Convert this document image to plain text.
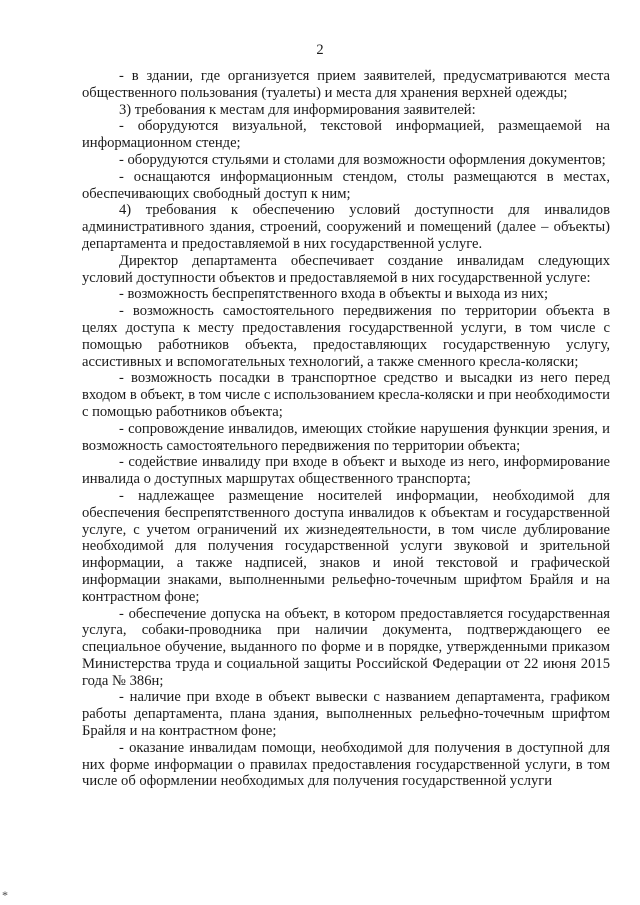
2

- в здании, где организуется прием заявителей, предусматриваются места общественного пользования (туалеты) и места для хранения верхней одежды;

3) требования к местам для информирования заявителей:

- оборудуются визуальной, текстовой информацией, размещаемой на информационном стенде;

- оборудуются стульями и столами для возможности оформления документов;

- оснащаются информационным стендом, столы размещаются в местах, обеспечивающих свободный доступ к ним;

4) требования к обеспечению условий доступности для инвалидов административного здания, строений, сооружений и помещений (далее – объекты) департамента и предоставляемой в них государственной услуге.

Директор департамента обеспечивает создание инвалидам следующих условий доступности объектов и предоставляемой в них государственной услуге:

- возможность беспрепятственного входа в объекты и выхода из них;

- возможность самостоятельного передвижения по территории объекта в целях доступа к месту предоставления государственной услуги, в том числе с помощью работников объекта, предоставляющих государственную услугу, ассистивных и вспомогательных технологий, а также сменного кресла-коляски;

- возможность посадки в транспортное средство и высадки из него перед входом в объект, в том числе с использованием кресла-коляски и при необходимости с помощью работников объекта;

- сопровождение инвалидов, имеющих стойкие нарушения функции зрения, и возможность самостоятельного передвижения по территории объекта;

- содействие инвалиду при входе в объект и выходе из него, информирование инвалида о доступных маршрутах общественного транспорта;

- надлежащее размещение носителей информации, необходимой для обеспечения беспрепятственного доступа инвалидов к объектам и государственной услуге, с учетом ограничений их жизнедеятельности, в том числе дублирование необходимой для получения государственной услуги звуковой и зрительной информации, а также надписей, знаков и иной текстовой и графической информации знаками, выполненными рельефно-точечным шрифтом Брайля и на контрастном фоне;

- обеспечение допуска на объект, в котором предоставляется государственная услуга, собаки-проводника при наличии документа, подтверждающего ее специальное обучение, выданного по форме и в порядке, утвержденными приказом Министерства труда и социальной защиты Российской Федерации от 22 июня 2015 года № 386н;

- наличие при входе в объект вывески с названием департамента, графиком работы департамента, плана здания, выполненных рельефно-точечным шрифтом Брайля и на контрастном фоне;

- оказание инвалидам помощи, необходимой для получения в доступной для них форме информации о правилах предоставления государственной услуги, в том числе об оформлении необходимых для получения государственной услуги

*
